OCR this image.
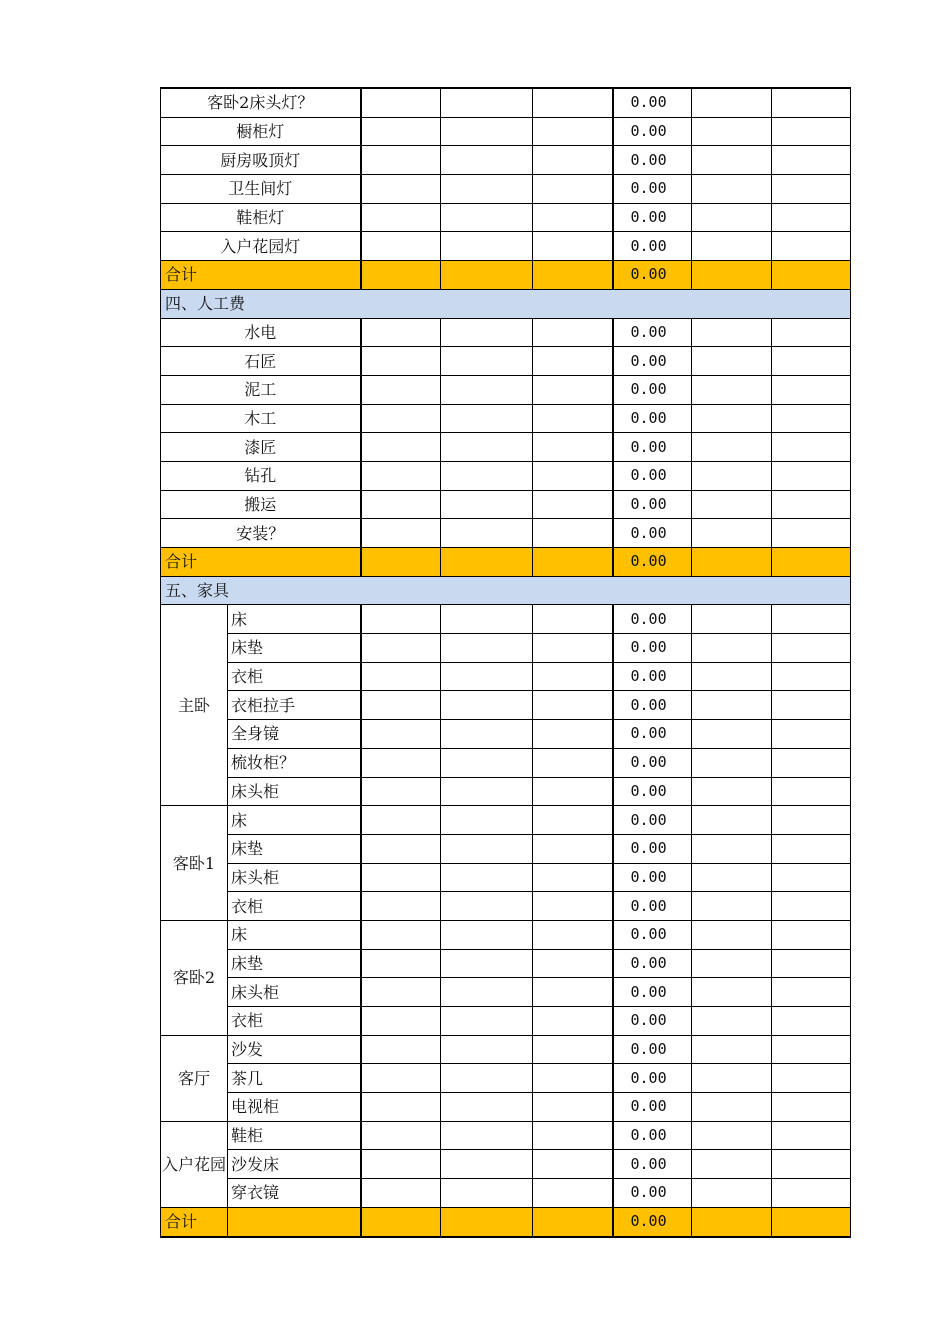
客卧2床头灯？					0.00		
橱柜灯					0.00		
厨房吸顶灯					0.00		
卫生间灯					0.00		
鞋柜灯					0.00		
入户花园灯					0.00		
合计					0.00		
四、人工费							
水电					0.00		
石匠					0.00		
泥工					0.00		
木工					0.00		
漆匠					0.00		
钻孔					0.00		
搬运					0.00		
安装？					0.00		
合计					0.00		
五、家具							
主卧	床				0.00		
	床垫				0.00		
	衣柜				0.00		
	衣柜拉手				0.00		
	全身镜				0.00		
	梳妆柜？				0.00		
	床头柜				0.00		
客卧1	床				0.00		
	床垫				0.00		
	床头柜				0.00		
	衣柜				0.00		
客卧2	床				0.00		
	床垫				0.00		
	床头柜				0.00		
	衣柜				0.00		
客厅	沙发				0.00		
	茶几				0.00		
	电视柜				0.00		
入户花园	鞋柜				0.00		
	沙发床				0.00		
	穿衣镜				0.00		
合计					0.00		
